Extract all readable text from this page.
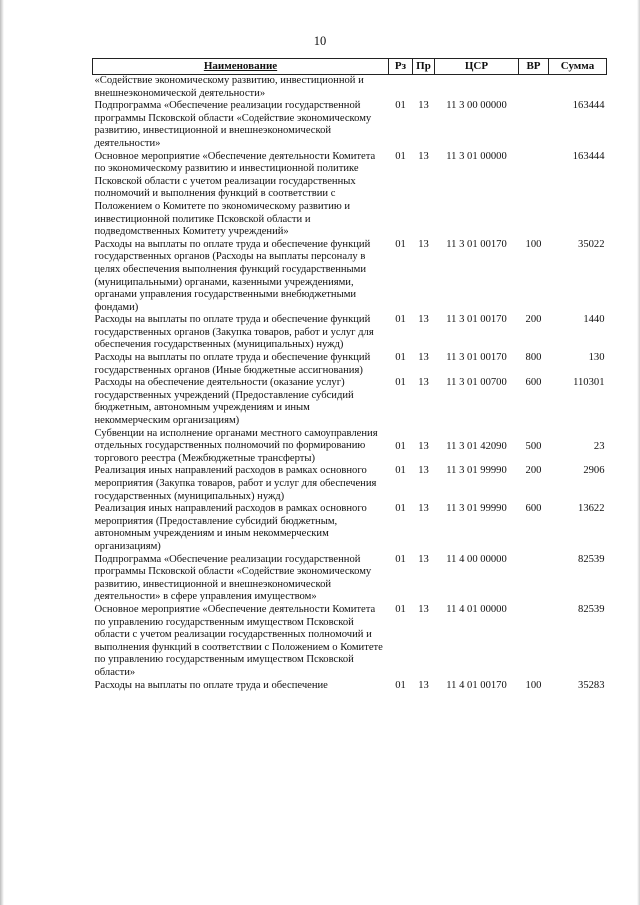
10
Наименование	Рз	Пр	ЦСР	ВР	Сумма
«Содействие экономическому развитию, инвестиционной и внешнеэкономической деятельности»					
Подпрограмма «Обеспечение реализации государственной программы Псковской области «Содействие экономическому развитию, инвестиционной и внешнеэкономической деятельности»	01	13	11 3 00 00000		163444
Основное мероприятие «Обеспечение деятельности Комитета по экономическому развитию и инвестиционной политике Псковской области с учетом реализации государственных полномочий и выполнения функций в соответствии с Положением о Комитете по экономическому развитию и инвестиционной политике Псковской области и подведомственных Комитету учреждений»	01	13	11 3 01 00000		163444
Расходы на выплаты по оплате труда и обеспечение функций государственных органов (Расходы на выплаты персоналу в целях обеспечения выполнения функций государственными (муниципальными) органами, казенными учреждениями, органами управления государственными внебюджетными фондами)	01	13	11 3 01 00170	100	35022
Расходы на выплаты по оплате труда и обеспечение функций государственных органов (Закупка товаров, работ и услуг для обеспечения государственных (муниципальных) нужд)	01	13	11 3 01 00170	200	1440
Расходы на выплаты по оплате труда и обеспечение функций государственных органов (Иные бюджетные ассигнования)	01	13	11 3 01 00170	800	130
Расходы на обеспечение деятельности (оказание услуг) государственных учреждений (Предоставление субсидий бюджетным, автономным учреждениям и иным некоммерческим организациям)	01	13	11 3 01 00700	600	110301
Субвенции на исполнение органами местного самоуправления отдельных государственных полномочий по формированию торгового реестра (Межбюджетные трансферты)	01	13	11 3 01 42090	500	23
Реализация иных направлений расходов в рамках основного мероприятия (Закупка товаров, работ и услуг для обеспечения государственных (муниципальных) нужд)	01	13	11 3 01 99990	200	2906
Реализация иных направлений расходов в рамках основного мероприятия (Предоставление субсидий бюджетным, автономным учреждениям и иным некоммерческим организациям)	01	13	11 3 01 99990	600	13622
Подпрограмма «Обеспечение реализации государственной программы Псковской области «Содействие экономическому развитию, инвестиционной и внешнеэкономической деятельности» в сфере управления имуществом»	01	13	11 4 00 00000		82539
Основное мероприятие «Обеспечение деятельности Комитета по управлению государственным имуществом Псковской области с учетом реализации государственных полномочий и выполнения функций в соответствии с Положением о Комитете по управлению государственным имуществом Псковской области»	01	13	11 4 01 00000		82539
Расходы на выплаты по оплате труда и обеспечение	01	13	11 4 01 00170	100	35283
